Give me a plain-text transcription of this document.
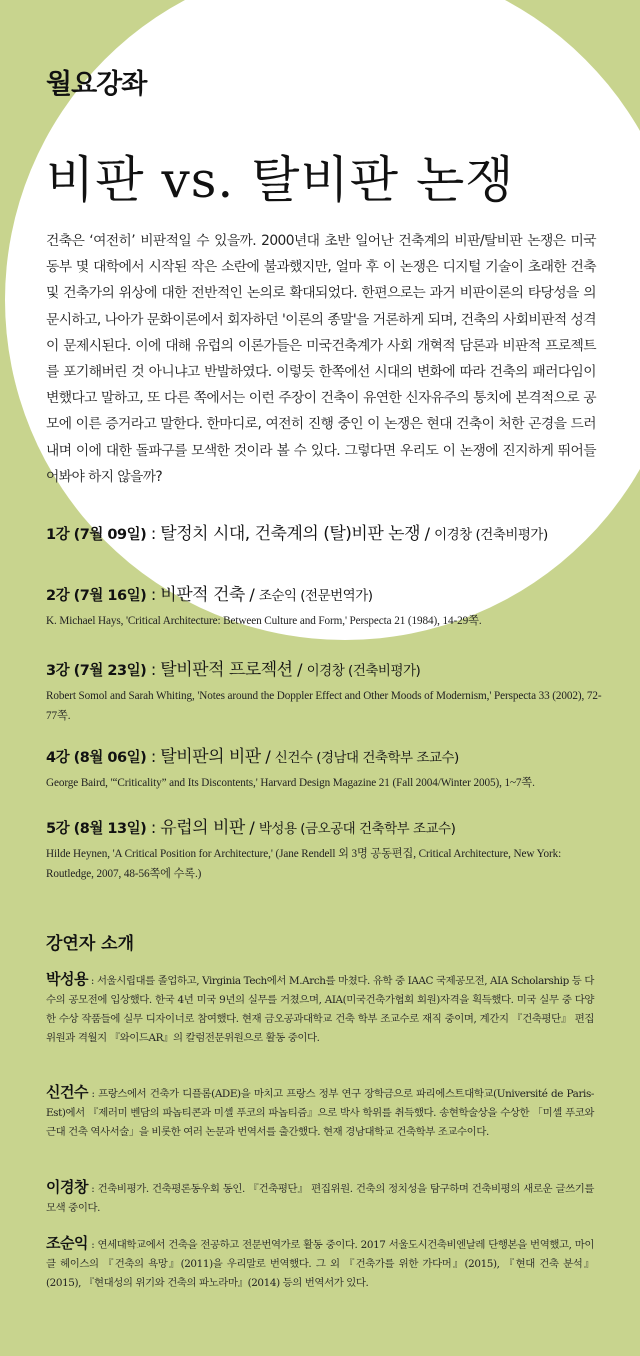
월요강좌
비판 vs. 탈비판 논쟁
건축은 ‘여전히’ 비판적일 수 있을까. 2000년대 초반 일어난 건축계의 비판/탈비판 논쟁은 미국 동부 몇 대학에서 시작된 작은 소란에 불과했지만, 얼마 후 이 논쟁은 디지털 기술이 초래한 건축 및 건축가의 위상에 대한 전반적인 논의로 확대되었다. 한편으로는 과거 비판이론의 타당성을 의문시하고, 나아가 문화이론에서 회자하던 '이론의 종말'을 거론하게 되며, 건축의 사회비판적 성격이 문제시된다. 이에 대해 유럽의 이론가들은 미국건축계가 사회 개혁적 담론과 비판적 프로젝트를 포기해버린 것 아니냐고 반발하였다. 이렇듯 한쪽에선 시대의 변화에 따라 건축의 패러다임이 변했다고 말하고, 또 다른 쪽에서는 이런 주장이 건축이 유연한 신자유주의 통치에 본격적으로 공모에 이른 증거라고 말한다. 한마디로, 여전히 진행 중인 이 논쟁은 현대 건축이 처한 곤경을 드러내며 이에 대한 돌파구를 모색한 것이라 볼 수 있다. 그렇다면 우리도 이 논쟁에 진지하게 뛰어들어봐야 하지 않을까?
1강 (7월 09일) : 탈정치 시대, 건축계의 (탈)비판 논쟁 / 이경창 (건축비평가)
2강 (7월 16일) : 비판적 건축 / 조순익 (전문번역가)
K. Michael Hays, 'Critical Architecture: Between Culture and Form,' Perspecta 21 (1984), 14-29쪽.
3강 (7월 23일) : 탈비판적 프로젝션 / 이경창 (건축비평가)
Robert Somol and Sarah Whiting, 'Notes around the Doppler Effect and Other Moods of Modernism,' Perspecta 33 (2002), 72-77쪽.
4강 (8월 06일) : 탈비판의 비판 / 신건수 (경남대 건축학부 조교수)
George Baird, '“Criticality” and Its Discontents,' Harvard Design Magazine 21 (Fall 2004/Winter 2005), 1~7쪽.
5강 (8월 13일) : 유럽의 비판 / 박성용 (금오공대 건축학부 조교수)
Hilde Heynen, 'A Critical Position for Architecture,' (Jane Rendell 외 3명 공동편집, Critical Architecture, New York: Routledge, 2007, 48-56쪽에 수록.)
강연자 소개
박성용 : 서울시립대를 졸업하고, Virginia Tech에서 M.Arch를 마쳤다. 유학 중 IAAC 국제공모전, AIA Scholarship 등 다수의 공모전에 입상했다. 한국 4년 미국 9년의 실무를 거쳤으며, AIA(미국건축가협회 회원)자격을 획득했다. 미국 실무 중 다양한 수상 작품들에 실무 디자이너로 참여했다. 현재 금오공과대학교 건축 학부 조교수로 재직 중이며, 계간지 『건축평단』 편집위원과 격월지 『와이드AR』의 칼럼전문위원으로 활동 중이다.
신건수 : 프랑스에서 건축가 디플롬(ADE)을 마치고 프랑스 정부 연구 장학금으로 파리에스트대학교(Université de Paris-Est)에서 『제러미 벤담의 파놉티콘과 미셸 푸코의 파놉티즘』으로 박사 학위를 취득했다. 송현학술상을 수상한 「미셸 푸코와 근대 건축 역사서술」을 비롯한 여러 논문과 번역서를 출간했다. 현재 경남대학교 건축학부 조교수이다.
이경창 : 건축비평가. 건축평론동우회 동인. 『건축평단』 편집위원. 건축의 정치성을 탐구하며 건축비평의 새로운 글쓰기를 모색 중이다.
조순익 : 연세대학교에서 건축을 전공하고 전문번역가로 활동 중이다. 2017 서울도시건축비엔날레 단행본을 번역했고, 마이클 헤이스의 『건축의 욕망』(2011)을 우리말로 번역했다. 그 외 『건축가를 위한 가다머』(2015), 『현대 건축 분석』(2015), 『현대성의 위기와 건축의 파노라마』(2014) 등의 번역서가 있다.
